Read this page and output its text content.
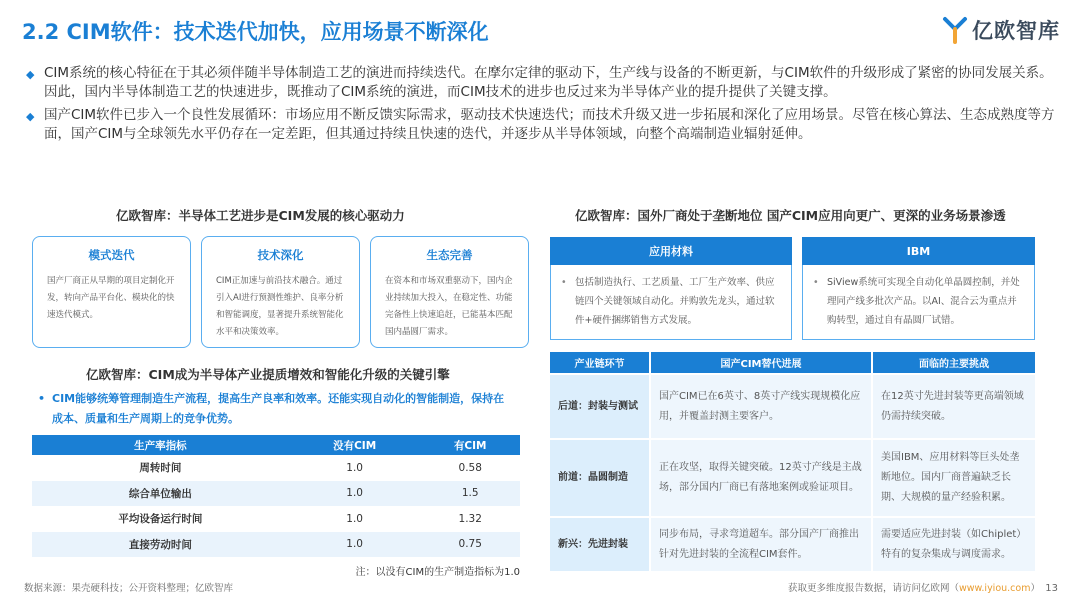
2.2 CIM软件：技术迭代加快，应用场景不断深化	亿欧智库
◆ CIM系统的核心特征在于其必须伴随半导体制造工艺的演进而持续迭代。在摩尔定律的驱动下，生产线与设备的不断更新，与CIM软件的升级形成了紧密的协同发展关系。因此，国内半导体制造工艺的快速进步，既推动了CIM系统的演进，而CIM技术的进步也反过来为半导体产业的提升提供了关键支撑。
◆ 国产CIM软件已步入一个良性发展循环：市场应用不断反馈实际需求，驱动技术快速迭代；而技术升级又进一步拓展和深化了应用场景。尽管在核心算法、生态成熟度等方面，国产CIM与全球领先水平仍存在一定差距，但其通过持续且快速的迭代，并逐步从半导体领域，向整个高端制造业辐射延伸。
亿欧智库：半导体工艺进步是CIM发展的核心驱动力
模式迭代
国产厂商正从早期的项目定制化开发，转向产品平台化、模块化的快速迭代模式。
技术深化
CIM正加速与前沿技术融合。通过引入AI进行预测性维护、良率分析和智能调度，显著提升系统智能化水平和决策效率。
生态完善
在资本和市场双重驱动下，国内企业持续加大投入，在稳定性、功能完备性上快速追赶，已能基本匹配国内晶圆厂需求。
亿欧智库：CIM成为半导体产业提质增效和智能化升级的关键引擎
• CIM能够统筹管理制造生产流程，提高生产良率和效率。还能实现自动化的智能制造，保持在成本、质量和生产周期上的竞争优势。
生产率指标	没有CIM	有CIM
周转时间	1.0	0.58
综合单位输出	1.0	1.5
平均设备运行时间	1.0	1.32
直接劳动时间	1.0	0.75
注：以没有CIM的生产制造指标为1.0
亿欧智库：国外厂商处于垄断地位 国产CIM应用向更广、更深的业务场景渗透
应用材料
• 包括制造执行、工艺质量、工厂生产效率、供应链四个关键领域自动化。并购敦先龙头，通过软件+硬件捆绑销售方式发展。
IBM
• SiView系统可实现全自动化单晶圆控制，并处理同产线多批次产品。以AI、混合云为重点并购转型，通过自有晶圆厂试错。
产业链环节	国产CIM替代进展	面临的主要挑战
后道：封装与测试	国产CIM已在6英寸、8英寸产线实现规模化应用，并覆盖封测主要客户。	在12英寸先进封装等更高端领域仍需持续突破。
前道：晶圆制造	正在攻坚，取得关键突破。12英寸产线是主战场，部分国内厂商已有落地案例或验证项目。	美国IBM、应用材料等巨头处垄断地位。国内厂商普遍缺乏长期、大规模的量产经验积累。
新兴：先进封装	同步布局，寻求弯道超车。部分国产厂商推出针对先进封装的全流程CIM套件。	需要适应先进封装（如Chiplet）特有的复杂集成与调度需求。
数据来源：果壳硬科技；公开资料整理；亿欧智库	获取更多维度报告数据，请访问亿欧网（www.iyiou.com） 13
